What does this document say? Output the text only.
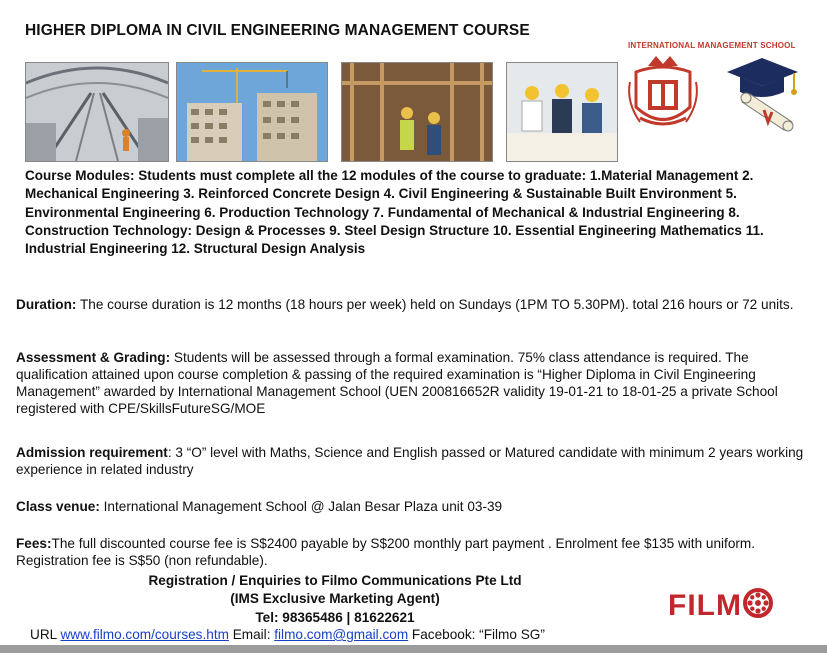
HIGHER DIPLOMA IN CIVIL ENGINEERING MANAGEMENT COURSE
INTERNATIONAL MANAGEMENT SCHOOL
Course Modules: Students must complete all the 12 modules of the course to graduate: 1.Material Management 2. Mechanical Engineering 3. Reinforced Concrete Design 4. Civil Engineering & Sustainable Built Environment 5. Environmental Engineering 6. Production Technology 7. Fundamental of Mechanical & Industrial Engineering 8. Construction Technology: Design & Processes 9. Steel Design Structure 10. Essential Engineering Mathematics 11. Industrial Engineering 12. Structural Design Analysis
Duration: The course duration is 12 months (18 hours per week) held on Sundays (1PM TO 5.30PM). total 216 hours or 72 units.
Assessment & Grading: Students will be assessed through a formal examination. 75% class attendance is required. The qualification attained upon course completion & passing of the required examination is “Higher Diploma in Civil Engineering Management” awarded by International Management School (UEN 200816652R validity 19-01-21 to 18-01-25 a private School registered with CPE/SkillsFutureSG/MOE
Admission requirement: 3 “O” level with Maths, Science and English passed or Matured candidate with minimum 2 years working experience in related industry
Class venue: International Management School @ Jalan Besar Plaza unit 03-39
Fees:The full discounted course fee is S$2400 payable by S$200 monthly part payment . Enrolment fee $135 with uniform. Registration fee is S$50 (non refundable).
Registration / Enquiries to Filmo Communications Pte Ltd
(IMS Exclusive Marketing Agent)
Tel: 98365486 | 81622621
URL www.filmo.com/courses.htm Email: filmo.com@gmail.com Facebook: “Filmo SG”
FILM
